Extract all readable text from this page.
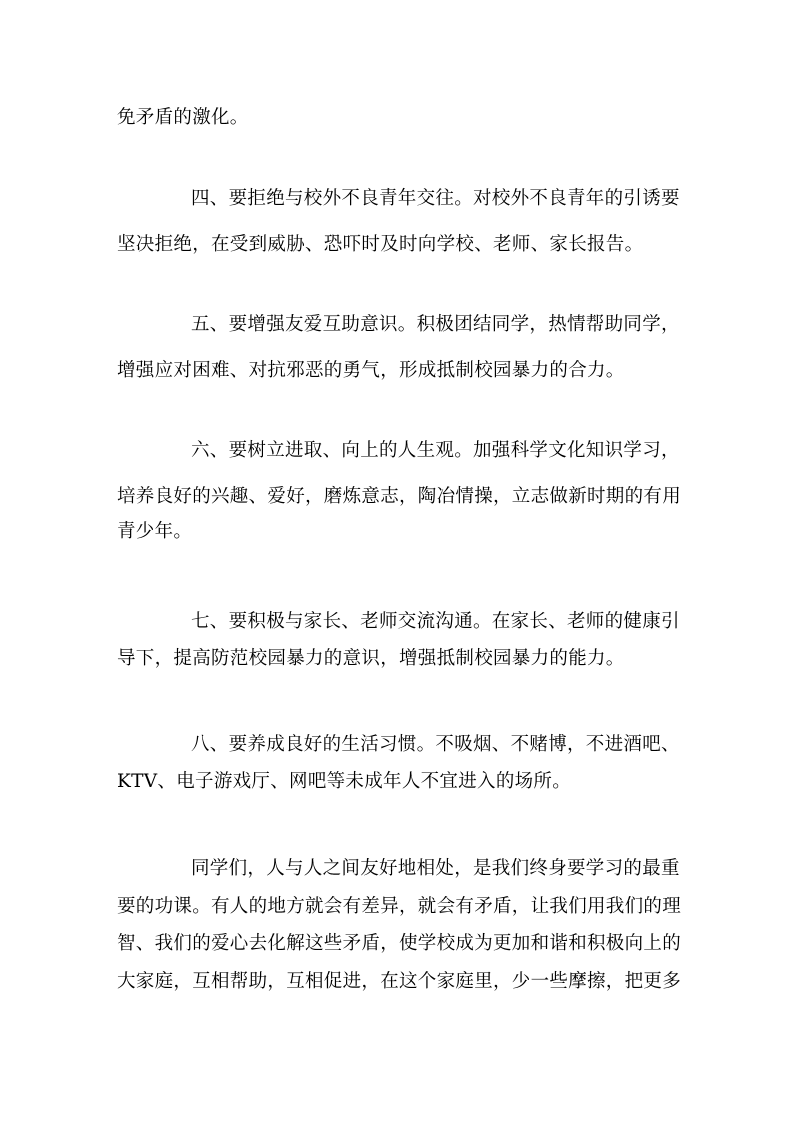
免矛盾的激化。
四、要拒绝与校外不良青年交往。对校外不良青年的引诱要
坚决拒绝，在受到威胁、恐吓时及时向学校、老师、家长报告。
五、要增强友爱互助意识。积极团结同学，热情帮助同学，
增强应对困难、对抗邪恶的勇气，形成抵制校园暴力的合力。
六、要树立进取、向上的人生观。加强科学文化知识学习，
培养良好的兴趣、爱好，磨炼意志，陶冶情操，立志做新时期的有用
青少年。
七、要积极与家长、老师交流沟通。在家长、老师的健康引
导下，提高防范校园暴力的意识，增强抵制校园暴力的能力。
八、要养成良好的生活习惯。不吸烟、不赌博，不进酒吧、
KTV、电子游戏厅、网吧等未成年人不宜进入的场所。
同学们，人与人之间友好地相处，是我们终身要学习的最重
要的功课。有人的地方就会有差异，就会有矛盾，让我们用我们的理
智、我们的爱心去化解这些矛盾，使学校成为更加和谐和积极向上的
大家庭，互相帮助，互相促进，在这个家庭里，少一些摩擦，把更多
